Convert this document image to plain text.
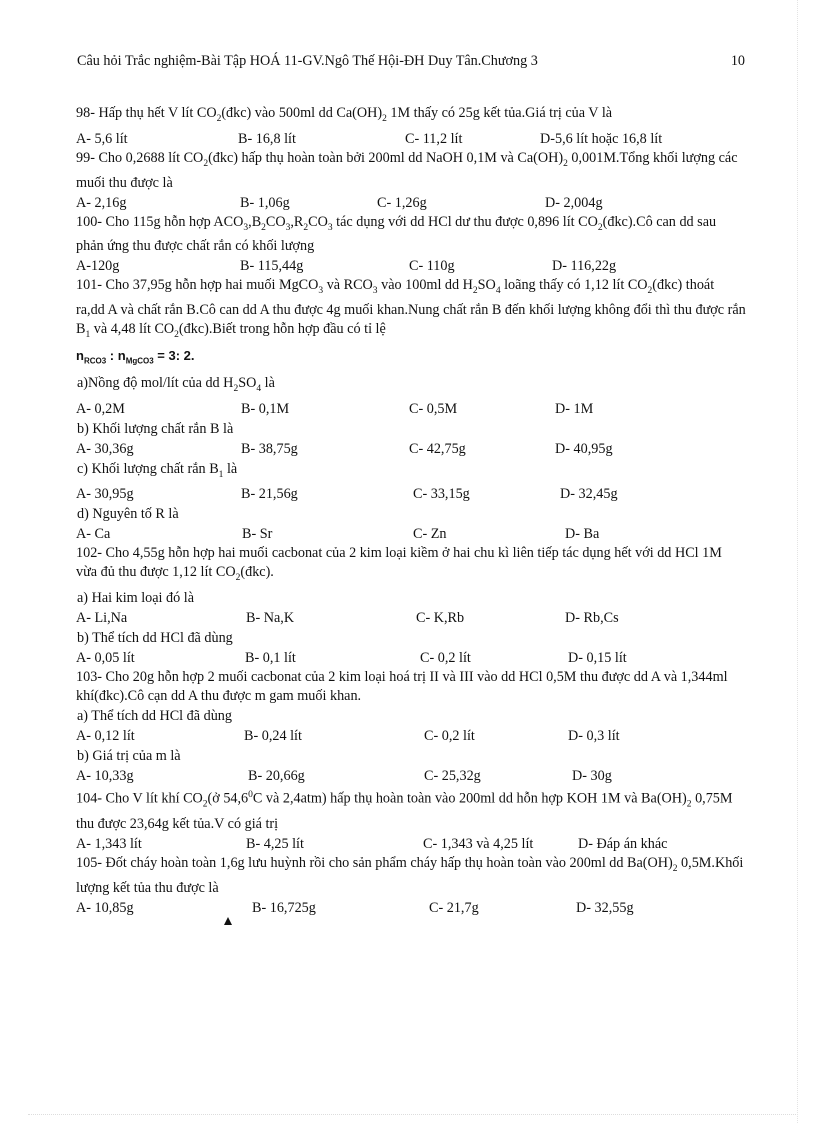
Câu hỏi Trắc nghiệm-Bài Tập HOÁ 11-GV.Ngô Thế Hội-ĐH Duy Tân.Chương 3	10
98- Hấp thụ hết V lít $CO_2(đkc)$ vào 500ml dd $Ca(OH)_2$ 1M thấy có 25g kết tủa.Giá trị của V là
A- 5,6 lít	B- 16,8 lít	C- 11,2 lít	D-5,6 lít hoặc 16,8 lít
99- Cho 0,2688 lít $CO_2(đkc)$ hấp thụ hoàn toàn bởi 200ml dd NaOH 0,1M và $Ca(OH)_2$ 0,001M.Tổng khối lượng các muối thu được là
A- 2,16g	B- 1,06g	C- 1,26g	D- 2,004g
100- Cho 115g hỗn hợp $ACO_3,B_2CO_3,R_2CO_3$ tác dụng với dd HCl dư thu được 0,896 lít $CO_2(đkc).Cô$ can dd sau phản ứng thu được chất rắn có khối lượng
A-120g	B- 115,44g	C- 110g	D- 116,22g
101- Cho 37,95g hỗn hợp hai muối MgCO$_3$ và $RCO_3$ vào 100ml dd $H_2SO_4$ loãng thấy có 1,12 lít $CO_2(đkc)$ thoát ra,dd A và chất rắn B.Cô can dd A thu được 4g muối khan.Nung chất rắn B đến khối lượng không đổi thì thu được rắn $B_1$ và 4,48 lít $CO_2(đkc).Biết$ trong hỗn hợp đầu có tỉ lệ
$n_{RCO3}$ : $n_{MgCO3} = 3$: 2.
a)Nồng độ mol/lít của dd $H_2SO_4$ là
A- 0,2M	B- 0,1M	C- 0,5M	D- 1M
b) Khối lượng chất rắn B là
A- 30,36g	B- 38,75g	C- 42,75g	D- 40,95g
c) Khối lượng chất rắn $B_1$ là
A- 30,95g	B- 21,56g	C- 33,15g	D- 32,45g
d) Nguyên tố R là
A- Ca	B- Sr	C- Zn	D- Ba
102- Cho 4,55g hỗn hợp hai muối cacbonat của 2 kim loại kiềm ở hai chu kì liên tiếp tác dụng hết với dd HCl 1M vừa đủ thu được 1,12 lít $CO_2(đkc)$.
a) Hai kim loại đó là
A- Li,Na	B- Na,K	C- K,Rb	D- Rb,Cs
b) Thể tích dd HCl đã dùng
A- 0,05 lít	B- 0,1 lít	C- 0,2 lít	D- 0,15 lít
103- Cho 20g hỗn hợp 2 muối cacbonat của 2 kim loại hoá trị II và III vào dd HCl 0,5M thu được dd A và 1,344ml khí(đkc).Cô cạn dd A thu được m gam muối khan.
a) Thể tích dd HCl đã dùng
A- 0,12 lít	B- 0,24 lít	C- 0,2 lít	D- 0,3 lít
b) Giá trị của m là
A- 10,33g	B- 20,66g	C- 25,32g	D- 30g
104- Cho V lít khí $CO_2(ở$ 54,6$^0$C và 2,4atm) hấp thụ hoàn toàn vào 200ml dd hỗn hợp KOH 1M và $Ba(OH)_2$ 0,75M thu được 23,64g kết tủa.V có giá trị
A- 1,343 lít	B- 4,25 lít	C- 1,343 và 4,25 lít	D- Đáp án khác
105- Đốt cháy hoàn toàn 1,6g lưu huỳnh rồi cho sản phẩm cháy hấp thụ hoàn toàn vào 200ml dd $Ba(OH)_2$ 0,5M.Khối lượng kết tủa thu được là
A- 10,85g	B- 16,725g	C- 21,7g	D- 32,55g
